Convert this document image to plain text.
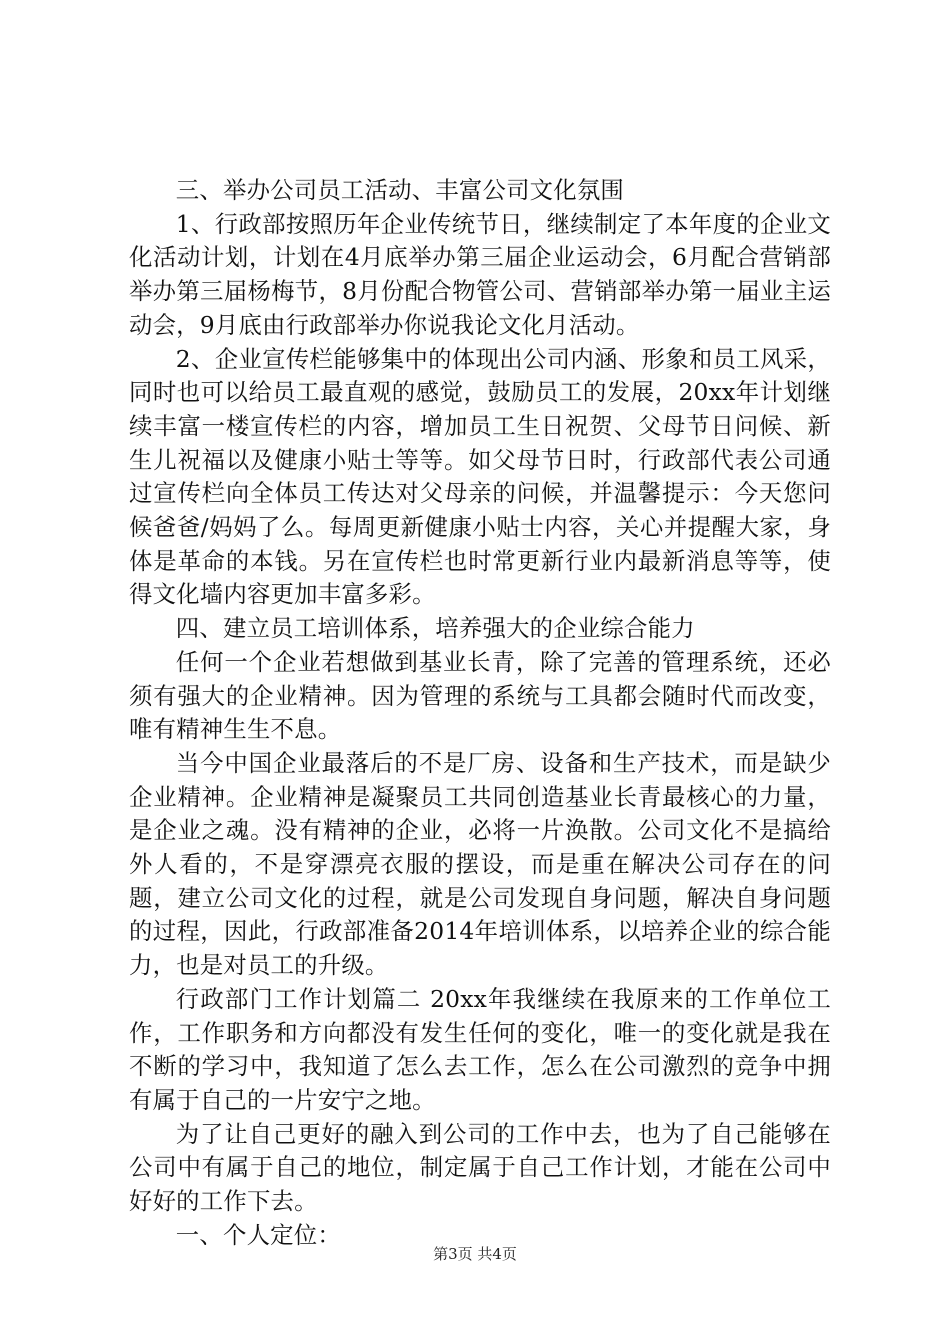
三、举办公司员工活动、丰富公司文化氛围

1、行政部按照历年企业传统节日，继续制定了本年度的企业文化活动计划，计划在4月底举办第三届企业运动会，6月配合营销部举办第三届杨梅节，8月份配合物管公司、营销部举办第一届业主运动会，9月底由行政部举办你说我论文化月活动。

2、企业宣传栏能够集中的体现出公司内涵、形象和员工风采，同时也可以给员工最直观的感觉，鼓励员工的发展，20xx年计划继续丰富一楼宣传栏的内容，增加员工生日祝贺、父母节日问候、新生儿祝福以及健康小贴士等等。如父母节日时，行政部代表公司通过宣传栏向全体员工传达对父母亲的问候，并温馨提示：今天您问候爸爸/妈妈了么。每周更新健康小贴士内容，关心并提醒大家，身体是革命的本钱。另在宣传栏也时常更新行业内最新消息等等，使得文化墙内容更加丰富多彩。

四、建立员工培训体系，培养强大的企业综合能力

任何一个企业若想做到基业长青，除了完善的管理系统，还必须有强大的企业精神。因为管理的系统与工具都会随时代而改变，唯有精神生生不息。

当今中国企业最落后的不是厂房、设备和生产技术，而是缺少企业精神。企业精神是凝聚员工共同创造基业长青最核心的力量，是企业之魂。没有精神的企业，必将一片涣散。公司文化不是搞给外人看的，不是穿漂亮衣服的摆设，而是重在解决公司存在的问题，建立公司文化的过程，就是公司发现自身问题，解决自身问题的过程，因此，行政部准备2014年培训体系，以培养企业的综合能力，也是对员工的升级。

行政部门工作计划篇二 20xx年我继续在我原来的工作单位工作，工作职务和方向都没有发生任何的变化，唯一的变化就是我在不断的学习中，我知道了怎么去工作，怎么在公司激烈的竞争中拥有属于自己的一片安宁之地。

为了让自己更好的融入到公司的工作中去，也为了自己能够在公司中有属于自己的地位，制定属于自己工作计划，才能在公司中好好的工作下去。

一、个人定位：

第3页 共4页
